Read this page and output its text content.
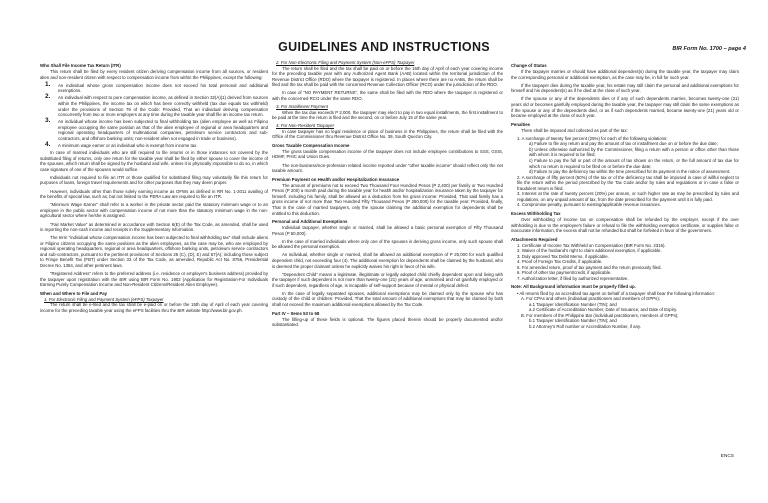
BIR Form No. 1700 – page 4
GUIDELINES AND INSTRUCTIONS

Who Shall File Income Tax Return (ITR)

This return shall be filed by every resident citizen deriving compensation income from all sources, or resident alien and non-resident citizen with respect to compensation income from within the Philippines, except the following:

1. An individual whose gross compensation income does not exceed his total personal and additional exemptions.

2. An individual with respect to pure compensation income, as defined in Section 32(A)(1) derived from sources within the Philippines, the income tax on which has been correctly withheld (tax due equals tax withheld) under the provisions of Section 79 of the Code: Provided, That an individual deriving compensation concurrently from two or more employers at any time during the taxable year shall file an income tax return.

3. An individual whose income has been subjected to final withholding tax (alien employee as well as Filipino employee occupying the same position as that of the alien employee of regional or area headquarters and regional operating headquarters of multinational companies, petroleum service contractors and sub-contractors, and offshore banking units; non-resident alien not engaged in trade or business).

4. A minimum wage earner or an individual who is exempt from income tax.

In case of married individuals who are still required to file returns or in those instances not covered by the substituted filing of returns, only one return for the taxable year shall be filed by either spouse to cover the income of the spouses, which return shall be signed by the husband and wife, unless it is physically impossible to do so, in which case signature of one of the spouses would suffice.

Individuals not required to file an ITR or those qualified for substituted filing may voluntarily file this return for purposes of loans, foreign travel requirements and for other purposes that they may deem proper.

However, individuals other than those solely earning income as OFWs as defined in RR No. 1-2011 availing of the benefits of special law, such as, but not limited to the PERA Law are required to file an ITR.

“Minimum Wage Earner” shall refer to a worker in the private sector paid the statutory minimum wage or to an employee in the public sector with compensation income of not more than the statutory minimum wage in the non-agricultural sector where he/she is assigned.

“Fair Market Value” as determined in accordance with Section 6(E) of the Tax Code, as amended, shall be used in reporting the non-cash income and receipts in the Supplementary Information.

The term “individual whose compensation income has been subjected to final withholding tax” shall include aliens or Filipino citizens occupying the same positions as the alien employees, as the case may be, who are employed by regional operating headquarters, regional or area headquarters, offshore banking units, petroleum service contractors and sub-contractors, pursuant to the pertinent provisions of Sections 25 (C), (D), E) and 57(A); including those subject to Fringe Benefit Tax (FBT) under Section 33 of the Tax Code, as amended, Republic Act No. 8756, Presidential Decree No. 1354, and other pertinent laws.

“Registered Address” refers to the preferred address (i.e. residence or employer's business address) provided by the taxpayer upon registration with the BIR using BIR Form No. 1902 (Application for Registration-For Individuals Earning Purely Compensation Income and Non-Resident Citizens/Resident Alien Employee).

When and Where to File and Pay

1. For Electronic Filing and Payment System (eFPS) Taxpayer

The return shall be e-filed and the tax shall be e-paid on or before the 15th day of April of each year covering income for the preceding taxable year using the eFPS facilities thru the BIR website http://www.bir.gov.ph.

2. For Non-Electronic Filing and Payment System (Non-eFPS) Taxpayer

The return shall be filed and the tax shall be paid on or before the 15th day of April of each year covering income for the preceding taxable year with any Authorized Agent Bank (AAB) located within the territorial jurisdiction of the Revenue District Office (RDO) where the taxpayer is registered. In places where there are no AABs, the return shall be filed and the tax shall be paid with the concerned Revenue Collection Officer (RCO) under the jurisdiction of the RDO.

In case of “NO PAYMENT RETURNS”, the same shall be filed with the RDO where the taxpayer is registered or with the concerned RCO under the same RDO.

3. For Installment Payment

When the tax due exceeds P 2,000, the taxpayer may elect to pay in two equal installments, the first installment to be paid at the time the return is filed and the second, on or before July 15 of the same year.

4. For Non-Resident Taxpayer

In case taxpayer has no legal residence or place of business in the Philippines, the return shall be filed with the Office of the Commissioner thru Revenue District Office No. 39, South Quezon City.

Gross Taxable Compensation Income

The gross taxable compensation income of the taxpayer does not include employee contributions to SSS, GSIS, HDMF, PHIC and Union Dues.

The non-business/non-profession related income reported under “other taxable income” should reflect only the net taxable amount.

Premium Payment on Health and/or Hospitalization Insurance

The amount of premiums not to exceed Two Thousand Four Hundred Pesos (P 2,400) per family or Two Hundred Pesos (P 200) a month paid during the taxable year for health and/or hospitalization insurance taken by the taxpayer for himself, including his family, shall be allowed as a deduction from his gross income: Provided, That said family has a gross income of not more than Two Hundred Fifty Thousand Pesos (P 250,000) for the taxable year: Provided, finally, That in the case of married taxpayers, only the spouse claiming the additional exemption for dependents shall be entitled to this deduction.

Personal and Additional Exemptions

Individual taxpayer, whether single or married, shall be allowed a basic personal exemption of Fifty Thousand Pesos (P 50,000).

In the case of married individuals where only one of the spouses is deriving gross income, only such spouse shall be allowed the personal exemption.

An individual, whether single or married, shall be allowed an additional exemption of P 25,000 for each qualified dependent child, not exceeding four (4). The additional exemption for dependents shall be claimed by the husband, who is deemed the proper claimant unless he explicitly waives his right in favor of his wife.

“Dependent Child” means a legitimate, illegitimate or legally adopted child chiefly dependent upon and living with the taxpayer if such dependent is not more than twenty-one (21) years of age, unmarried and not gainfully employed or if such dependent, regardless of age, is incapable of self-support because of mental or physical defect.

In the case of legally separated spouses, additional exemptions may be claimed only by the spouse who has custody of the child or children: Provided, That the total amount of additional exemptions that may be claimed by both shall not exceed the maximum additional exemptions allowed by the Tax Code.

Part IV – Items 53 to 68

The filling-up of these fields is optional. The figures placed therein should be properly documented and/or substantiated.

Change of Status

If the taxpayer marries or should have additional dependent(s) during the taxable year, the taxpayer may claim the corresponding personal or additional exemption, as the case may be, in full for such year.

If the taxpayer dies during the taxable year, his estate may still claim the personal and additional exemptions for himself and his dependent(s) as if he died at the close of such year.

If the spouse or any of the dependents dies or if any of such dependents marries, becomes twenty-one (21) years old or becomes gainfully employed during the taxable year, the taxpayer may still claim the same exemptions as if the spouse or any of the dependents died, or as if such dependents married, became twenty-one (21) years old or became employed at the close of such year.

Penalties

There shall be imposed and collected as part of the tax:

1. A surcharge of twenty five percent (25%) for each of the following violations:

a) Failure to file any return and pay the amount of tax or installment due on or before the due date;

b) Unless otherwise authorized by the Commissioner, filing a return with a person or office other than those with whom it is required to be filed;

c) Failure to pay the full or part of the amount of tax shown on the return, or the full amount of tax due for which no return is required to be filed on or before the due date;

d) Failure to pay the deficiency tax within the time prescribed for its payment in the notice of assessment.

2. A surcharge of fifty percent (50%) of the tax or of the deficiency tax shall be imposed in case of willful neglect to file the return within the period prescribed by the Tax Code and/or by rules and regulations or in case a false or fraudulent return is filed.

3. Interest at the rate of twenty percent (20%) per annum, or such higher rate as may be prescribed by rules and regulations, on any unpaid amount of tax, from the date prescribed for the payment until it is fully paid.

4. Compromise penalty, pursuant to existing/applicable revenue issuances.

Excess Withholding Tax

Over withholding of income tax on compensation shall be refunded by the employer, except if the over withholding is due to the employee's failure or refusal to file the withholding exemption certificate, or supplies false or inaccurate information, the excess shall not be refunded but shall be forfeited in favor of the government.

Attachments Required

1. Certificate of Income Tax Withheld on Compensation (BIR Form No. 2316).

2. Waiver of the husband's right to claim additional exemption, if applicable.

3. Duly approved Tax Debit Memo, if applicable.

4. Proof of Foreign Tax Credits, if applicable.

5. For amended return, proof of tax payment and the return previously filed.

6. Proof of other tax payment/credit, if applicable.

7. Authorization letter, if filed by authorized representative.

Note: All Background information must be properly filled up.

• All returns filed by an accredited tax agent on behalf of a taxpayer shall bear the following information:

A. For CPAs and others (individual practitioners and members of GPPs);

a.1 Taxpayer Identification Number (TIN); and

a.2 Certificate of Accreditation Number, Date of Issuance, and Date of Expiry.

B. For members of the Philippine Bar (individual practitioners, members of GPPs);

b.1 Taxpayer Identification Number (TIN); and

b.2 Attorney's Roll number or Accreditation Number, if any.

ENCS
